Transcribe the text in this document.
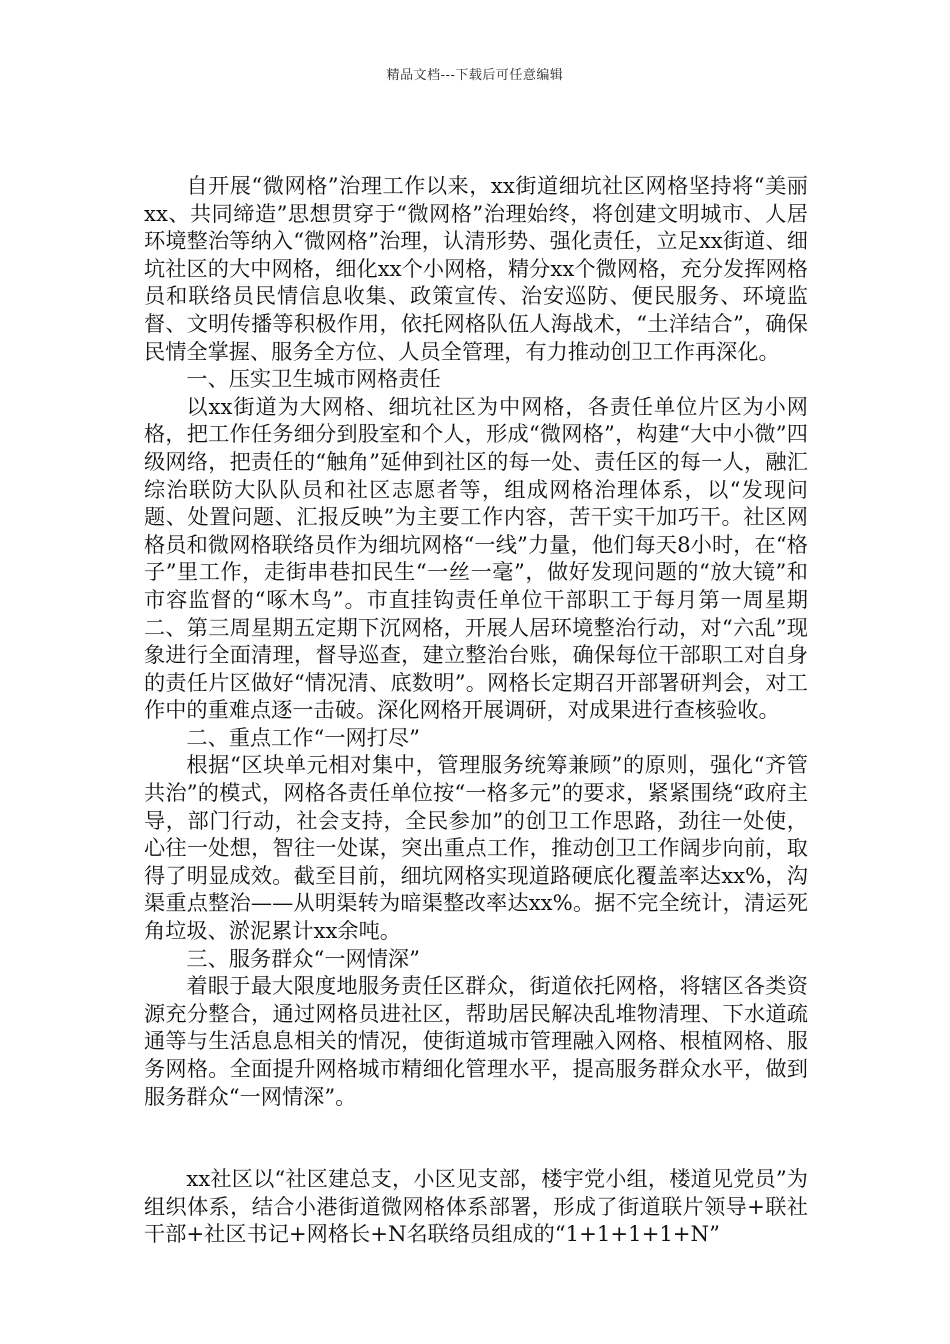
精品文档---下载后可任意编辑

自开展“微网格”治理工作以来，xx街道细坑社区网格坚持将“美丽xx、共同缔造”思想贯穿于“微网格”治理始终，将创建文明城市、人居环境整治等纳入“微网格”治理，认清形势、强化责任，立足xx街道、细坑社区的大中网格，细化xx个小网格，精分xx个微网格，充分发挥网格员和联络员民情信息收集、政策宣传、治安巡防、便民服务、环境监督、文明传播等积极作用，依托网格队伍人海战术，“土洋结合”，确保民情全掌握、服务全方位、人员全管理，有力推动创卫工作再深化。

一、压实卫生城市网格责任

以xx街道为大网格、细坑社区为中网格，各责任单位片区为小网格，把工作任务细分到股室和个人，形成“微网格”，构建“大中小微”四级网络，把责任的“触角”延伸到社区的每一处、责任区的每一人，融汇综治联防大队队员和社区志愿者等，组成网格治理体系，以“发现问题、处置问题、汇报反映”为主要工作内容，苦干实干加巧干。社区网格员和微网格联络员作为细坑网格“一线”力量，他们每天8小时，在“格子”里工作，走街串巷扣民生“一丝一毫”，做好发现问题的“放大镜”和市容监督的“啄木鸟”。市直挂钩责任单位干部职工于每月第一周星期二、第三周星期五定期下沉网格，开展人居环境整治行动，对“六乱”现象进行全面清理，督导巡查，建立整治台账，确保每位干部职工对自身的责任片区做好“情况清、底数明”。网格长定期召开部署研判会，对工作中的重难点逐一击破。深化网格开展调研，对成果进行查核验收。

二、重点工作“一网打尽”

根据“区块单元相对集中，管理服务统筹兼顾”的原则，强化“齐管共治”的模式，网格各责任单位按“一格多元”的要求，紧紧围绕“政府主导，部门行动，社会支持，全民参加”的创卫工作思路，劲往一处使，心往一处想，智往一处谋，突出重点工作，推动创卫工作阔步向前，取得了明显成效。截至目前，细坑网格实现道路硬底化覆盖率达xx%，沟渠重点整治——从明渠转为暗渠整改率达xx%。据不完全统计，清运死角垃圾、淤泥累计xx余吨。

三、服务群众“一网情深”

着眼于最大限度地服务责任区群众，街道依托网格，将辖区各类资源充分整合，通过网格员进社区，帮助居民解决乱堆物清理、下水道疏通等与生活息息相关的情况，使街道城市管理融入网格、根植网格、服务网格。全面提升网格城市精细化管理水平，提高服务群众水平，做到服务群众“一网情深”。

xx社区以“社区建总支，小区见支部，楼宇党小组，楼道见党员”为组织体系，结合小港街道微网格体系部署，形成了街道联片领导+联社干部+社区书记+网格长+N名联络员组成的“1+1+1+1+N”
